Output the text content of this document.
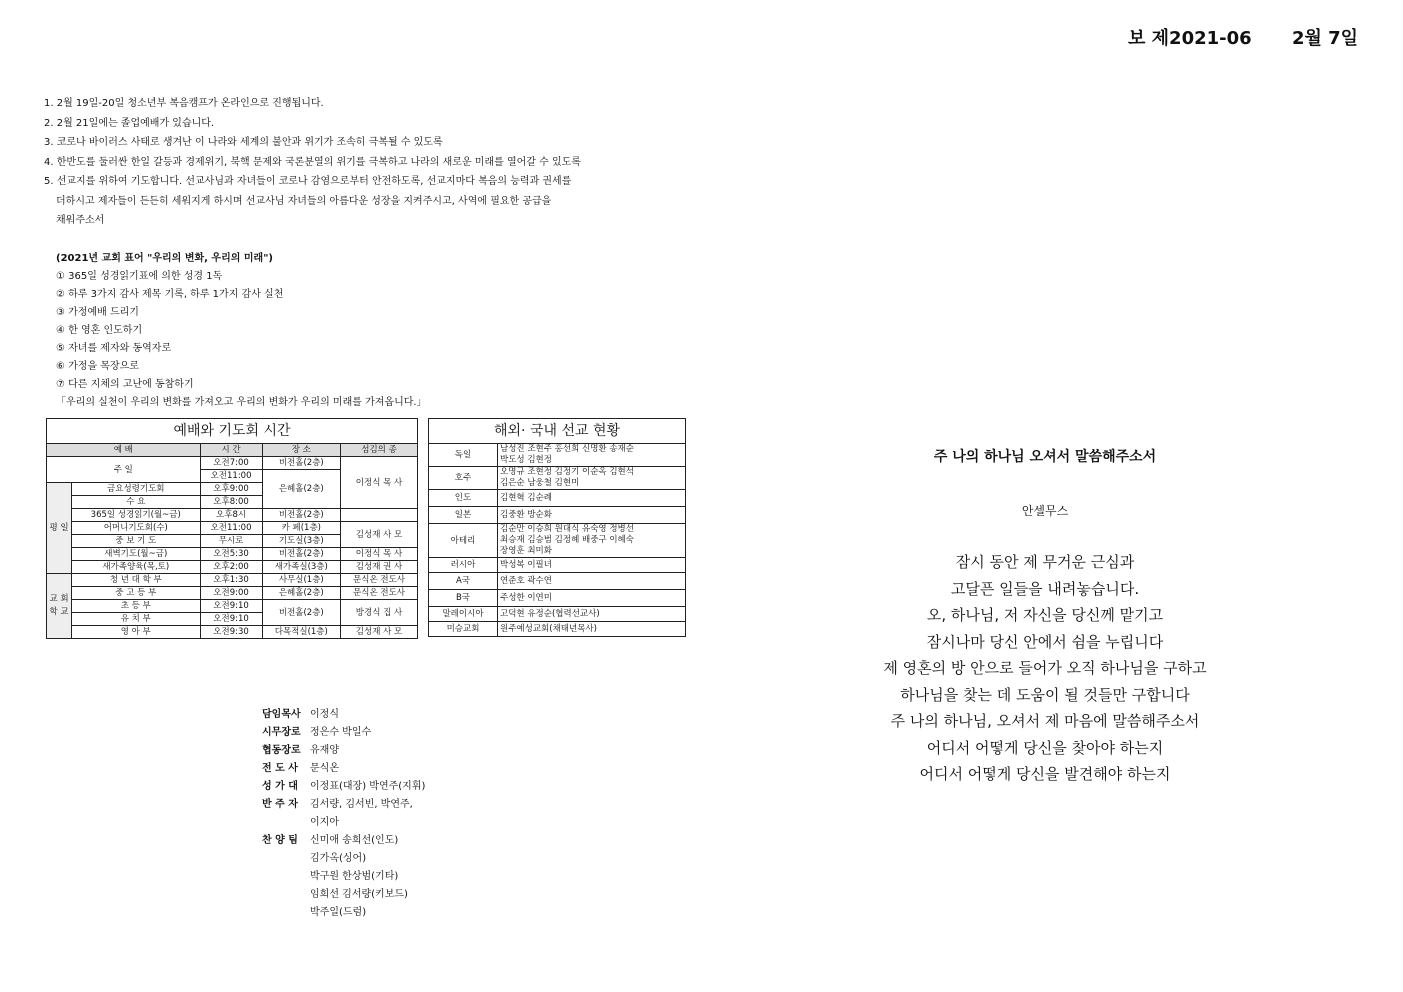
보 제2021-06 2월 7일
1. 2월 19일-20일 청소년부 복음캠프가 온라인으로 진행됩니다.
2. 2월 21일에는 졸업예배가 있습니다.
3. 코로나 바이러스 사태로 생겨난 이 나라와 세계의 불안과 위기가 조속히 극복될 수 있도록
4. 한반도를 둘러싼 한일 갈등과 경제위기, 북핵 문제와 국론분열의 위기를 극복하고 나라의 새로운 미래를 열어갈 수 있도록
5. 선교지를 위하여 기도합니다. 선교사님과 자녀들이 코로나 감염으로부터 안전하도록, 선교지마다 복음의 능력과 권세를
더하시고 제자들이 든든히 세워지게 하시며 선교사님 자녀들의 아름다운 성장을 지켜주시고, 사역에 필요한 공급을
채워주소서
(2021년 교회 표어 "우리의 변화, 우리의 미래")
① 365일 성경읽기표에 의한 성경 1독
② 하루 3가지 감사 제목 기록, 하루 1가지 감사 실천
③ 가정예배 드리기
④ 한 영혼 인도하기
⑤ 자녀를 제자와 동역자로
⑥ 가정을 목장으로
⑦ 다른 지체의 고난에 동참하기
「우리의 실천이 우리의 변화를 가져오고 우리의 변화가 우리의 미래를 가져옵니다.」
예배와 기도회 시간				
예 배		시 간	장 소	섬김의 종
주 일		오전7:00	비전홀(2층)	이정식 목 사
		오전11:00	은혜홀(2층)	
평 일	금요성령기도회	오후9:00		
	수 요	오후8:00		
	365일 성경읽기(월~금)	오후8시	비전홀(2층)	
	어머니기도회(수)	오전11:00	카 페(1층)	김성재 사 모
	중 보 기 도	무시로	기도실(3층)	
	새벽기도(월~금)	오전5:30	비전홀(2층)	이정식 목 사
	새가족양육(목,토)	오후2:00	새가족실(3층)	김성재 권 사
교 회 학 교	청 년 대 학 부	오후1:30	사무실(1층)	문식온 전도사
	중 고 등 부	오전9:00	은혜홀(2층)	문식온 전도사
	초 등 부	오전9:10	비전홀(2층)	방경식 집 사
	유 치 부	오전9:10		
	영 아 부	오전9:30	다목적실(1층)	김성재 사 모
해외· 국내 선교 현황	
독일	남성진 조현주 홍선희 신명환 송재순
박도성 김현정

호주	오명규 조현정 김정기 이순옥 김현석
김은순 남웅철 김현미

인도	김현혁 김순례
일본	김중환 방순화
아테리	김순만 이승희 원대식 유숙영 정병선
최승재 김승범 김정혜 배중구 이혜숙
장영훈 최미화

러시아	박성복 이필녀
A국	연준호 곽수연
B국	주성한 이연미
말레이시아	고덕현 유정순(협력선교사)
미승교회	원주예성교회(채태년목사)
담임목사 이정식
시무장로 정은수 박일수
협동장로 유재양
전 도 사	문식온
성 가 대	이정표(대장) 박연주(지휘)
반 주 자	김서량, 김서빈, 박연주,
이지아
찬 양 팀	신미애 송희선(인도)
김가옥(싱어)
박구원 한상범(기타)
임희선 김서량(키보드)
박주일(드럼)
주 나의 하나님 오셔서 말씀해주소서
안셀무스
잠시 동안 제 무거운 근심과
고달픈 일들을 내려놓습니다.
오, 하나님, 저 자신을 당신께 맡기고
잠시나마 당신 안에서 쉼을 누립니다
제 영혼의 방 안으로 들어가 오직 하나님을 구하고
하나님을 찾는 데 도움이 될 것들만 구합니다
주 나의 하나님, 오셔서 제 마음에 말씀해주소서
어디서 어떻게 당신을 찾아야 하는지
어디서 어떻게 당신을 발견해야 하는지
